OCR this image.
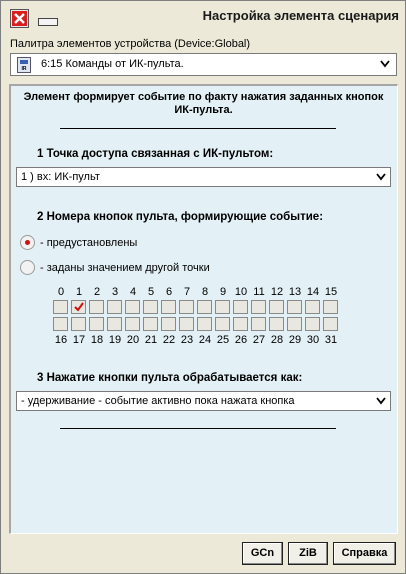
Настройка элемента сценария
Палитра элементов устройства (Device:Global)
IR	6:15 Команды от ИК-пульта.
Элемент формирует событие по факту нажатия заданных кнопок ИК-пульта.
1 Точка доступа связанная с ИК-пультом:
1 ) вх: ИК-пульт
2 Номера кнопок пульта, формирующие событие:
- предустановлены
- заданы значением другой точки
0	1	2	3	4	5	6	7	8	9 10 11 12 13 14 15
16 17 18 19 20 21 22 23 24 25 26 27 28 29 30 31
3 Нажатие кнопки пульта обрабатывается как:
- удерживание - событие активно пока нажата кнопка
GCn	ZiB	Справка
